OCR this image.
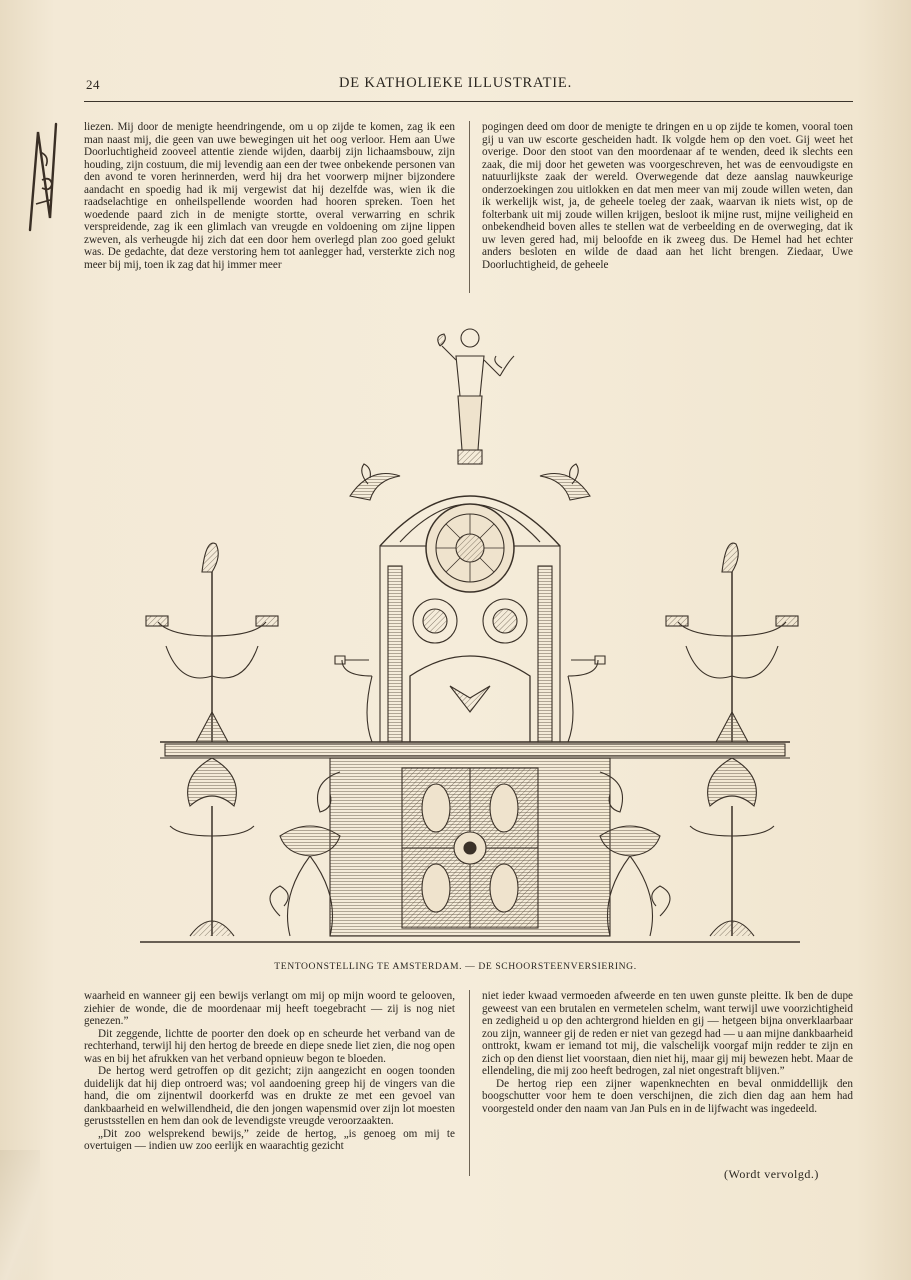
24	DE KATHOLIEKE ILLUSTRATIE.

liezen. Mij door de menigte heendringende, om u op zijde te komen, zag ik een man naast mij, die geen van uwe bewegingen uit het oog verloor. Hem aan Uwe Doorluchtigheid zooveel attentie ziende wijden, daarbij zijn lichaamsbouw, zijn houding, zijn costuum, die mij levendig aan een der twee onbekende personen van den avond te voren herinnerden, werd hij dra het voorwerp mijner bijzondere aandacht en spoedig had ik mij vergewist dat hij dezelfde was, wien ik die raadselachtige en onheilspellende woorden had hooren spreken. Toen het woedende paard zich in de menigte stortte, overal verwarring en schrik verspreidende, zag ik een glimlach van vreugde en voldoening om zijne lippen zweven, als verheugde hij zich dat een door hem overlegd plan zoo goed gelukt was. De gedachte, dat deze verstoring hem tot aanlegger had, versterkte zich nog meer bij mij, toen ik zag dat hij immer meer

pogingen deed om door de menigte te dringen en u op zijde te komen, vooral toen gij u van uw escorte gescheiden hadt. Ik volgde hem op den voet. Gij weet het overige. Door den stoot van den moordenaar af te wenden, deed ik slechts een zaak, die mij door het geweten was voorgeschreven, het was de eenvoudigste en natuurlijkste zaak der wereld. Overwegende dat deze aanslag nauwkeurige onderzoekingen zou uitlokken en dat men meer van mij zoude willen weten, dan ik werkelijk wist, ja, de geheele toeleg der zaak, waarvan ik niets wist, op de folterbank uit mij zoude willen krijgen, besloot ik mijne rust, mijne veiligheid en onbekendheid boven alles te stellen wat de verbeelding en de overweging, dat ik uw leven gered had, mij beloofde en ik zweeg dus. De Hemel had het echter anders besloten en wilde de daad aan het licht brengen. Ziedaar, Uwe Doorluchtigheid, de geheele

TENTOONSTELLING TE AMSTERDAM. — DE SCHOORSTEENVERSIERING.

waarheid en wanneer gij een bewijs verlangt om mij op mijn woord te gelooven, ziehier de wonde, die de moordenaar mij heeft toegebracht — zij is nog niet genezen.”

Dit zeggende, lichtte de poorter den doek op en scheurde het verband van de rechterhand, terwijl hij den hertog de breede en diepe snede liet zien, die nog open was en bij het afrukken van het verband opnieuw begon te bloeden.

De hertog werd getroffen op dit gezicht; zijn aangezicht en oogen toonden duidelijk dat hij diep ontroerd was; vol aandoening greep hij de vingers van die hand, die om zijnentwil doorkerfd was en drukte ze met een gevoel van dankbaarheid en welwillendheid, die den jongen wapensmid over zijn lot moesten gerustsstellen en hem dan ook de levendigste vreugde veroorzaakten.

„Dit zoo welsprekend bewijs,” zeide de hertog, „is genoeg om mij te overtuigen — indien uw zoo eerlijk en waarachtig gezicht

niet ieder kwaad vermoeden afweerde en ten uwen gunste pleitte. Ik ben de dupe geweest van een brutalen en vermetelen schelm, want terwijl uwe voorzichtigheid en zedigheid u op den achtergrond hielden en gij — hetgeen bijna onverklaarbaar zou zijn, wanneer gij de reden er niet van gezegd had — u aan mijne dankbaarheid onttrokt, kwam er iemand tot mij, die valschelijk voorgaf mijn redder te zijn en zich op den dienst liet voorstaan, dien niet hij, maar gij mij bewezen hebt. Maar de ellendeling, die mij zoo heeft bedrogen, zal niet ongestraft blijven.”

De hertog riep een zijner wapenknechten en beval onmiddellijk den boogschutter voor hem te doen verschijnen, die zich dien dag aan hem had voorgesteld onder den naam van Jan Puls en in de lijfwacht was ingedeeld.

(Wordt vervolgd.)
